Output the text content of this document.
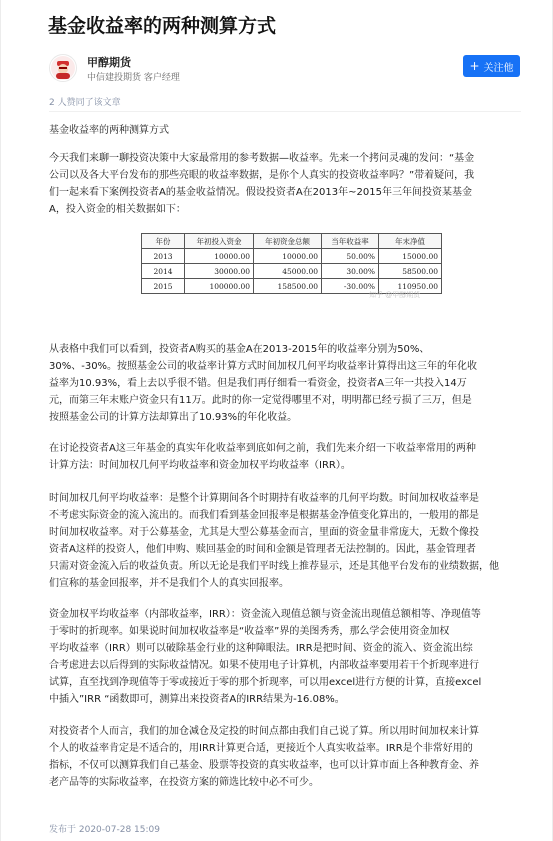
基金收益率的两种测算方式
甲醇期货
中信建投期货 客户经理
+ 关注他
2 人赞同了该文章
基金收益率的两种测算方式
今天我们来聊一聊投资决策中大家最常用的参考数据—收益率。先来一个拷问灵魂的发问：“基金
公司以及各大平台发布的那些亮眼的收益率数据，是你个人真实的投资收益率吗？”带着疑问，我
们一起来看下案例投资者A的基金收益情况。假设投资者A在2013年~2015年三年间投资某基金
A，投入资金的相关数据如下：
年份	年初投入资金	年初资金总额	当年收益率	年末净值
2013	10000.00	10000.00	50.00%	15000.00
2014	30000.00	45000.00	30.00%	58500.00
2015	100000.00	158500.00	-30.00%	110950.00
知乎 @甲醇期货
从表格中我们可以看到，投资者A购买的基金A在2013-2015年的收益率分别为50%、
30%、-30%。按照基金公司的收益率计算方式时间加权几何平均收益率计算得出这三年的年化收
益率为10.93%，看上去以乎很不错。但是我们再仔细看一看资金，投资者A三年一共投入14万
元，而第三年末账户资金只有11万。此时的你一定觉得哪里不对，明明都已经亏损了三万，但是
按照基金公司的计算方法却算出了10.93%的年化收益。
在讨论投资者A这三年基金的真实年化收益率到底如何之前，我们先来介绍一下收益率常用的两种
计算方法：时间加权几何平均收益率和资金加权平均收益率（IRR）。
时间加权几何平均收益率：是整个计算期间各个时期持有收益率的几何平均数。时间加权收益率是
不考虑实际资金的流入流出的。而我们看到基金回报率是根据基金净值变化算出的，一般用的都是
时间加权收益率。对于公募基金，尤其是大型公募基金而言，里面的资金量非常庞大，无数个像投
资者A这样的投资人，他们申购、赎回基金的时间和金额是管理者无法控制的。因此，基金管理者
只需对资金流入后的收益负责。所以无论是我们平时线上推荐显示，还是其他平台发布的业绩数据，他
们宣称的基金回报率，并不是我们个人的真实回报率。
资金加权平均收益率（内部收益率，IRR）：资金流入现值总额与资金流出现值总额相等、净现值等
于零时的折现率。如果说时间加权收益率是“收益率”界的美图秀秀，那么学会使用资金加权
平均收益率（IRR）则可以破除基金行业的这种障眼法。IRR是把时间、资金的流入、资金流出综
合考虑进去以后得到的实际收益情况。如果不使用电子计算机，内部收益率要用若干个折现率进行
试算，直至找到净现值等于零或接近于零的那个折现率，可以用excel进行方便的计算，直接excel
中插入”IRR “函数即可，测算出来投资者A的IRR结果为-16.08%。
对投资者个人而言，我们的加仓减仓及定投的时间点都由我们自己说了算。所以用时间加权来计算
个人的收益率肯定是不适合的，用IRR计算更合适，更接近个人真实收益率。IRR是个非常好用的
指标，不仅可以测算我们自己基金、股票等投资的真实收益率，也可以计算市面上各种教育金、养
老产品等的实际收益率，在投资方案的筛选比较中必不可少。
发布于 2020-07-28 15:09
